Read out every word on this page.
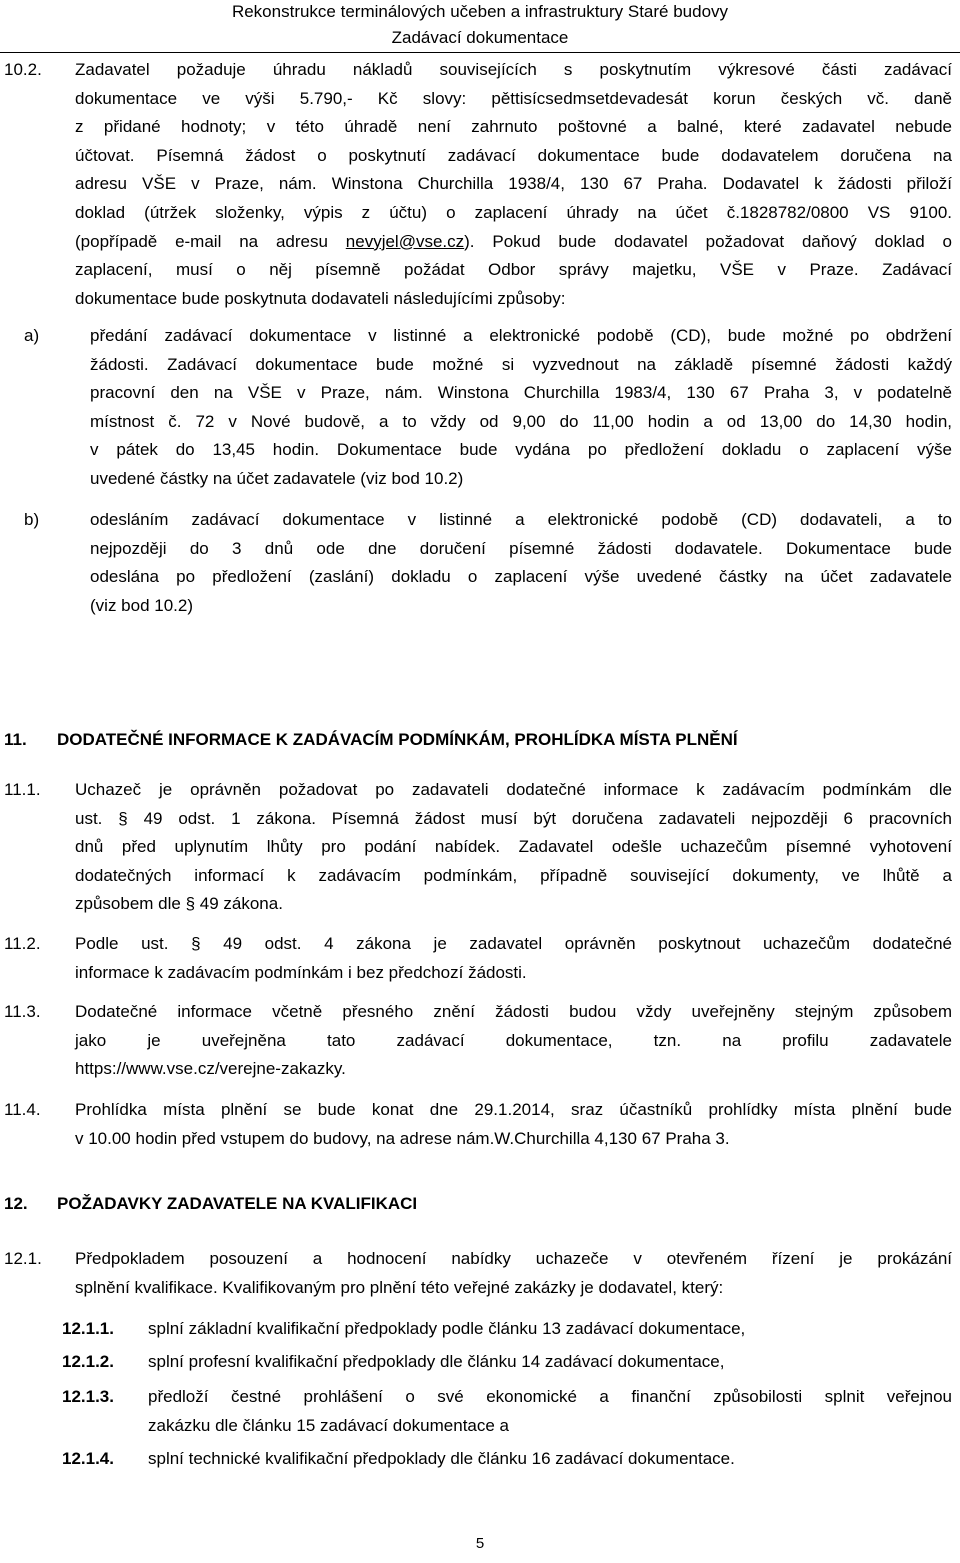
Rekonstrukce terminálových učeben a infrastruktury Staré budovy
Zadávací dokumentace
10.2. Zadavatel požaduje úhradu nákladů souvisejících s poskytnutím výkresové části zadávací
dokumentace ve výši 5.790,- Kč slovy: pěttisícsedmsetdevadesát korun českých vč. daně
z přidané hodnoty; v této úhradě není zahrnuto poštovné a balné, které zadavatel nebude
účtovat. Písemná žádost o poskytnutí zadávací dokumentace bude dodavatelem doručena na
adresu VŠE v Praze, nám. Winstona Churchilla 1938/4, 130 67 Praha. Dodavatel k žádosti přiloží
doklad (útržek složenky, výpis z účtu) o zaplacení úhrady na účet č.1828782/0800 VS 9100.
(popřípadě e-mail na adresu nevyjel@vse.cz). Pokud bude dodavatel požadovat daňový doklad o
zaplacení, musí o něj písemně požádat Odbor správy majetku, VŠE v Praze. Zadávací
dokumentace bude poskytnuta dodavateli následujícími způsoby:
a)	předání zadávací dokumentace v listinné a elektronické podobě (CD), bude možné po obdržení
žádosti. Zadávací dokumentace bude možné si vyzvednout na základě písemné žádosti každý
pracovní den na VŠE v Praze, nám. Winstona Churchilla 1983/4, 130 67 Praha 3, v podatelně
místnost č. 72 v Nové budově, a to vždy od 9,00 do 11,00 hodin a od 13,00 do 14,30 hodin,
v pátek do 13,45 hodin. Dokumentace bude vydána po předložení dokladu o zaplacení výše
uvedené částky na účet zadavatele (viz bod 10.2)
b)	odesláním zadávací dokumentace v listinné a elektronické podobě (CD) dodavateli, a to
nejpozději do 3 dnů ode dne doručení písemné žádosti dodavatele. Dokumentace bude
odeslána po předložení (zaslání) dokladu o zaplacení výše uvedené částky na účet zadavatele
(viz bod 10.2)
11. DODATEČNÉ INFORMACE K ZADÁVACÍM PODMÍNKÁM, PROHLÍDKA MÍSTA PLNĚNÍ
11.1. Uchazeč je oprávněn požadovat po zadavateli dodatečné informace k zadávacím podmínkám dle
ust. § 49 odst. 1 zákona. Písemná žádost musí být doručena zadavateli nejpozději 6 pracovních
dnů před uplynutím lhůty pro podání nabídek. Zadavatel odešle uchazečům písemné vyhotovení
dodatečných informací k zadávacím podmínkám, případně související dokumenty, ve lhůtě a
způsobem dle § 49 zákona.
11.2. Podle ust. § 49 odst. 4 zákona je zadavatel oprávněn poskytnout uchazečům dodatečné
informace k zadávacím podmínkám i bez předchozí žádosti.
11.3. Dodatečné informace včetně přesného znění žádosti budou vždy uveřejněny stejným způsobem
jako je uveřejněna tato zadávací dokumentace, tzn. na profilu zadavatele
https://www.vse.cz/verejne-zakazky.
11.4. Prohlídka místa plnění se bude konat dne 29.1.2014, sraz účastníků prohlídky místa plnění bude
v 10.00 hodin před vstupem do budovy, na adrese nám.W.Churchilla 4,130 67 Praha 3.
12. POŽADAVKY ZADAVATELE NA KVALIFIKACI
12.1. Předpokladem posouzení a hodnocení nabídky uchazeče v otevřeném řízení je prokázání
splnění kvalifikace. Kvalifikovaným pro plnění této veřejné zakázky je dodavatel, který:
12.1.1. splní základní kvalifikační předpoklady podle článku 13 zadávací dokumentace,
12.1.2. splní profesní kvalifikační předpoklady dle článku 14 zadávací dokumentace,
12.1.3. předloží čestné prohlášení o své ekonomické a finanční způsobilosti splnit veřejnou
zakázku dle článku 15 zadávací dokumentace a
12.1.4. splní technické kvalifikační předpoklady dle článku 16 zadávací dokumentace.
5
